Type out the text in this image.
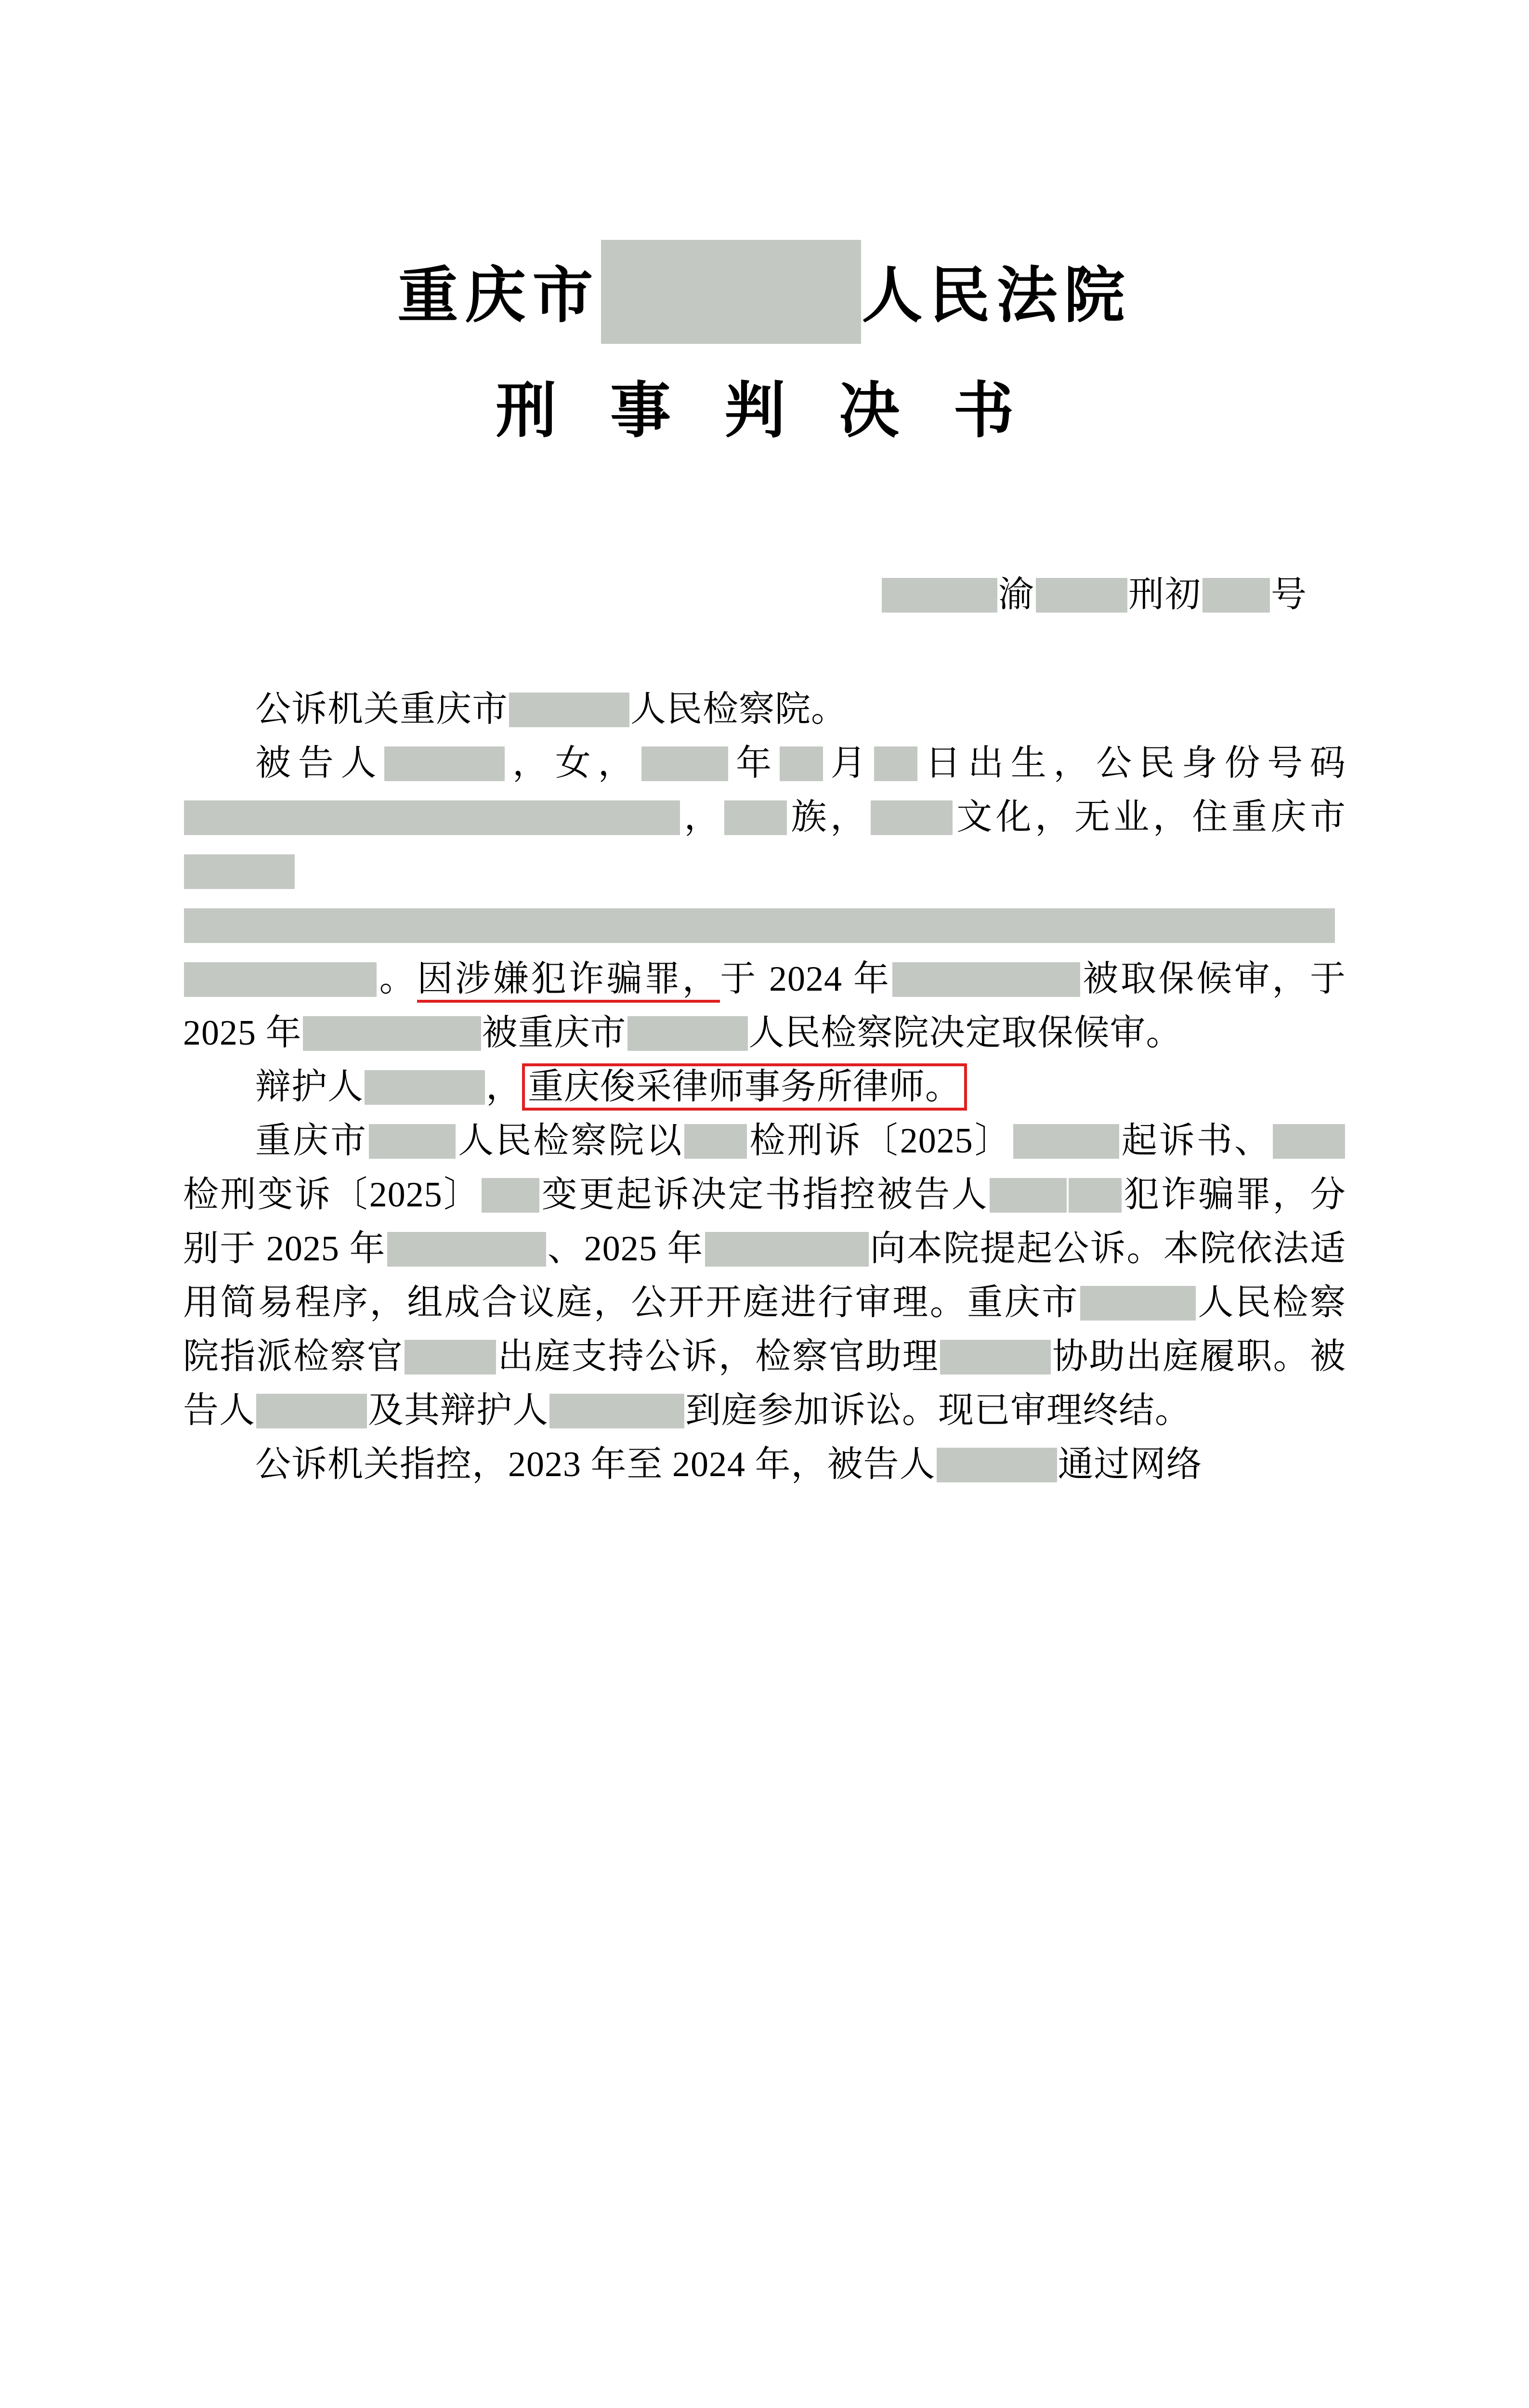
重庆市	人民法院
刑 事 判 决 书
渝	刑初 号

公诉机关重庆市	人民检察院。

被告人	，女， 年 月 日出生，公民身份号码， 族， 文化，无业，住重庆市。因涉嫌犯诈骗罪，于 2024 年	被取保候审，于 2025 年	被重庆市	人民检察院决定取保候审。

辩护人	， 重庆俊采律师事务所律师。

重庆市 人民检察院以 检刑诉〔2025〕	起诉书、检刑变诉〔2025〕 变更起诉决定书指控被告人	犯诈骗罪，分别于 2025 年	、2025 年	向本院提起公诉。本院依法适用简易程序，组成合议庭，公开开庭进行审理。重庆市	人民检察院指派检察官	出庭支持公诉，检察官助理	协助出庭履职。被告人	及其辩护人	到庭参加诉讼。现已审理终结。

公诉机关指控，2023 年至 2024 年，被告人	通过网络
